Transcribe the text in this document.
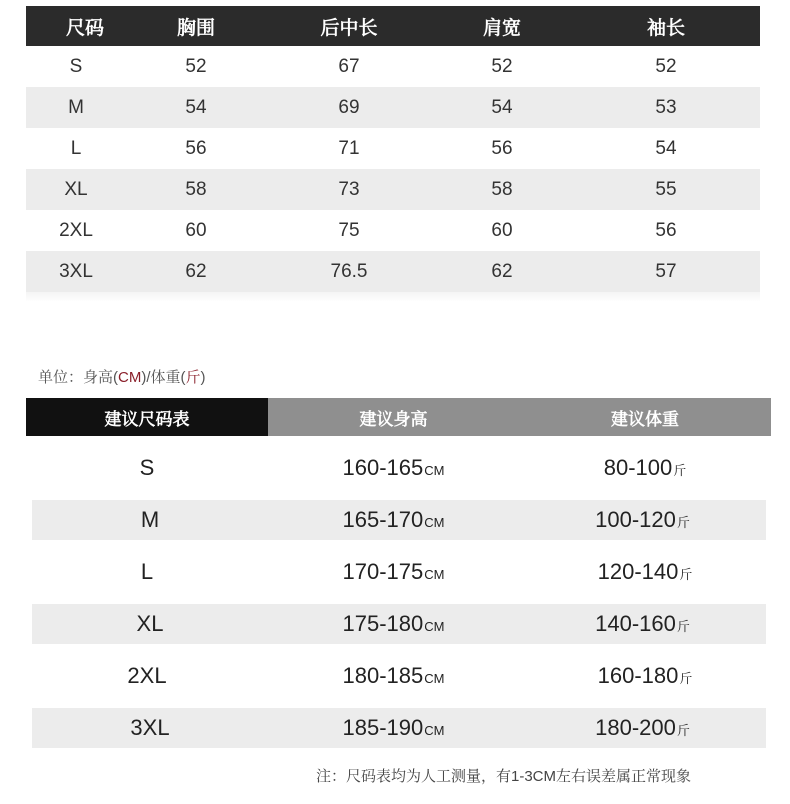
尺码	胸围	后中长	肩宽	袖长
S	52	67	52	52
M	54	69	54	53
L	56	71	56	54
XL	58	73	58	55
2XL	60	75	60	56
3XL	62	76.5	62	57
单位：身高(CM)/体重(斤)
建议尺码表	建议身高	建议体重
S	160-165CM	80-100斤
M	165-170CM	100-120斤
L	170-175CM	120-140斤
XL	175-180CM	140-160斤
2XL	180-185CM	160-180斤
3XL	185-190CM	180-200斤
注：尺码表均为人工测量，有1-3CM左右误差属正常现象
